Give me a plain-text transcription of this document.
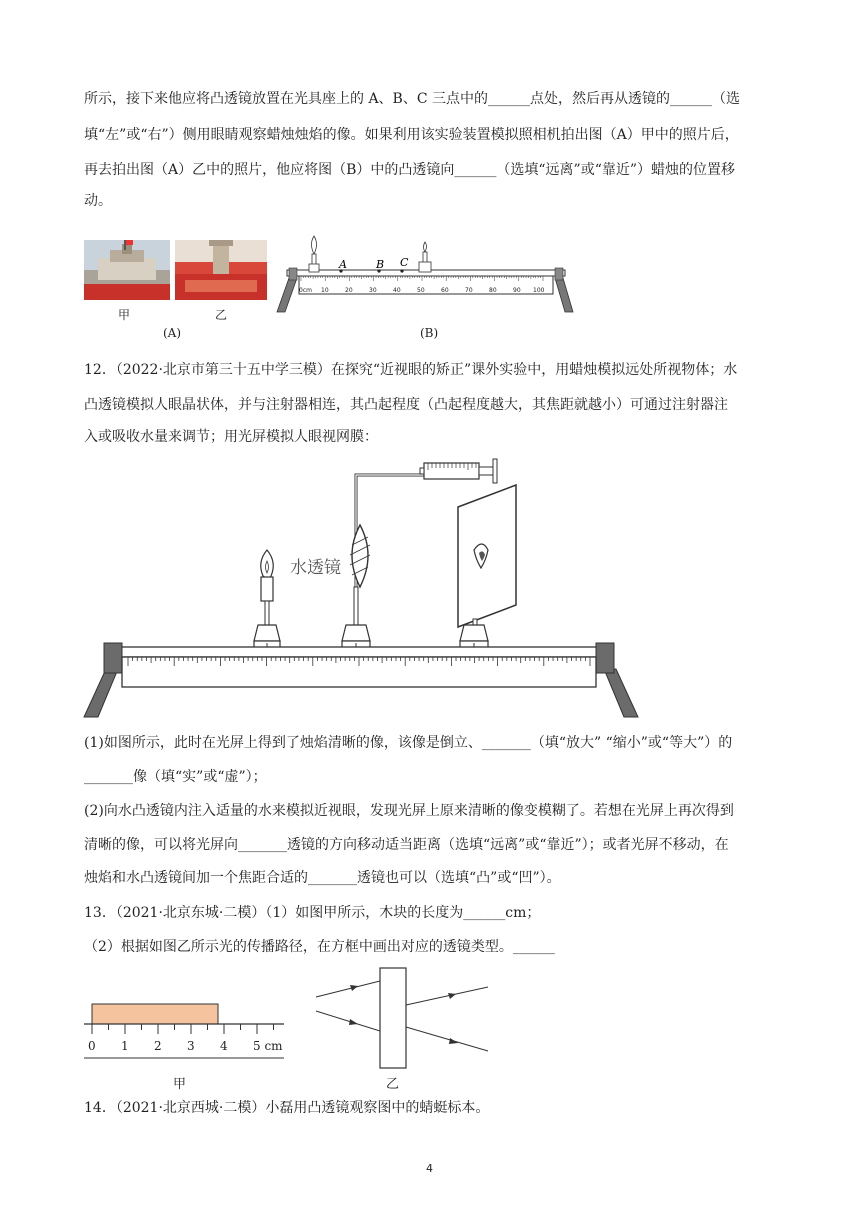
所示，接下来他应将凸透镜放置在光具座上的 A、B、C 三点中的______点处，然后再从透镜的______（选

填“左”或“右”）侧用眼睛观察蜡烛烛焰的像。如果利用该实验装置模拟照相机拍出图（A）甲中的照片后，

再去拍出图（A）乙中的照片，他应将图（B）中的凸透镜向______（选填“远离”或“靠近”）蜡烛的位置移

动。

甲	乙
(A)	(B)
A	B C
0cm 10	20	30	40	50	60	70	80	90 100

12．（2022·北京市第三十五中学三模）在探究“近视眼的矫正”课外实验中，用蜡烛模拟远处所视物体；水

凸透镜模拟人眼晶状体，并与注射器相连，其凸起程度（凸起程度越大，其焦距就越小）可通过注射器注

入或吸收水量来调节；用光屏模拟人眼视网膜：

水透镜

(1)如图所示，此时在光屏上得到了烛焰清晰的像，该像是倒立、_______（填“放大” “缩小”或“等大”）的

_______像（填“实”或“虚”）；

(2)向水凸透镜内注入适量的水来模拟近视眼，发现光屏上原来清晰的像变模糊了。若想在光屏上再次得到

清晰的像，可以将光屏向_______透镜的方向移动适当距离（选填“远离”或“靠近”）；或者光屏不移动，在

烛焰和水凸透镜间加一个焦距合适的_______透镜也可以（选填“凸”或“凹”）。

13．（2021·北京东城·二模）（1）如图甲所示，木块的长度为______cm；

（2）根据如图乙所示光的传播路径，在方框中画出对应的透镜类型。______

0 1 2 3 4 5 cm
甲	乙

14．（2021·北京西城·二模）小磊用凸透镜观察图中的蜻蜓标本。

4
